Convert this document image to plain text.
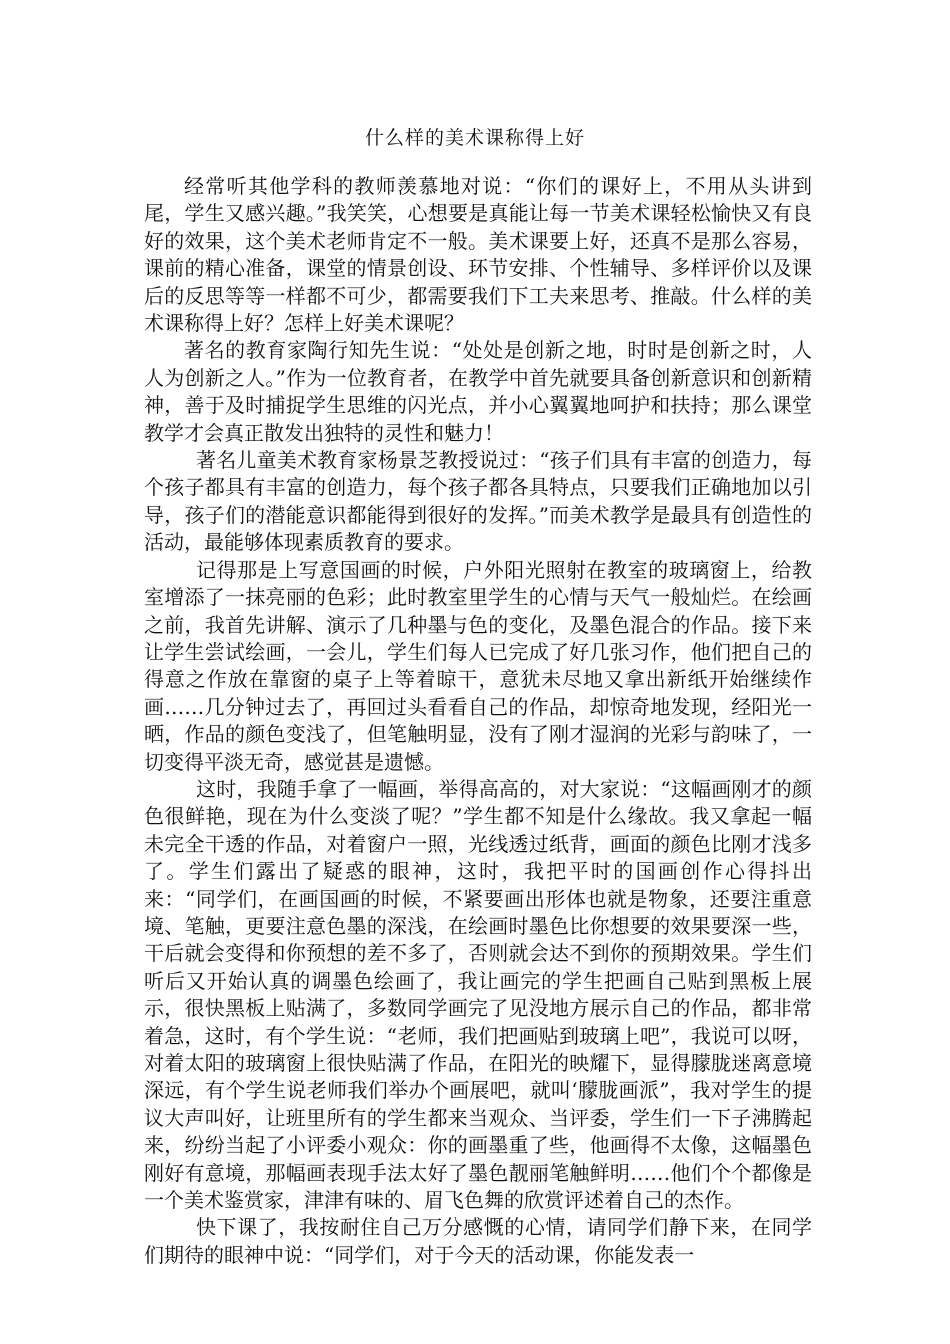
什么样的美术课称得上好

经常听其他学科的教师羡慕地对说：“你们的课好上，不用从头讲到尾，学生又感兴趣。”我笑笑，心想要是真能让每一节美术课轻松愉快又有良好的效果，这个美术老师肯定不一般。美术课要上好，还真不是那么容易，课前的精心准备，课堂的情景创设、环节安排、个性辅导、多样评价以及课后的反思等等一样都不可少，都需要我们下工夫来思考、推敲。什么样的美术课称得上好？怎样上好美术课呢？

著名的教育家陶行知先生说：“处处是创新之地，时时是创新之时，人人为创新之人。”作为一位教育者，在教学中首先就要具备创新意识和创新精神，善于及时捕捉学生思维的闪光点，并小心翼翼地呵护和扶持；那么课堂教学才会真正散发出独特的灵性和魅力！

著名儿童美术教育家杨景芝教授说过：“孩子们具有丰富的创造力，每个孩子都具有丰富的创造力，每个孩子都各具特点，只要我们正确地加以引导，孩子们的潜能意识都能得到很好的发挥。”而美术教学是最具有创造性的活动，最能够体现素质教育的要求。

记得那是上写意国画的时候，户外阳光照射在教室的玻璃窗上，给教室增添了一抹亮丽的色彩；此时教室里学生的心情与天气一般灿烂。在绘画之前，我首先讲解、演示了几种墨与色的变化，及墨色混合的作品。接下来让学生尝试绘画，一会儿，学生们每人已完成了好几张习作，他们把自己的得意之作放在靠窗的桌子上等着晾干，意犹未尽地又拿出新纸开始继续作画……几分钟过去了，再回过头看看自己的作品，却惊奇地发现，经阳光一晒，作品的颜色变浅了，但笔触明显，没有了刚才湿润的光彩与韵味了，一切变得平淡无奇，感觉甚是遗憾。

这时，我随手拿了一幅画，举得高高的，对大家说：“这幅画刚才的颜色很鲜艳，现在为什么变淡了呢？”学生都不知是什么缘故。我又拿起一幅未完全干透的作品，对着窗户一照，光线透过纸背，画面的颜色比刚才浅多了。学生们露出了疑惑的眼神，这时，我把平时的国画创作心得抖出来：“同学们，在画国画的时候，不紧要画出形体也就是物象，还要注重意境、笔触，更要注意色墨的深浅，在绘画时墨色比你想要的效果要深一些，干后就会变得和你预想的差不多了，否则就会达不到你的预期效果。学生们听后又开始认真的调墨色绘画了，我让画完的学生把画自己贴到黑板上展示，很快黑板上贴满了，多数同学画完了见没地方展示自己的作品，都非常着急，这时，有个学生说：“老师，我们把画贴到玻璃上吧”，我说可以呀，对着太阳的玻璃窗上很快贴满了作品，在阳光的映耀下，显得朦胧迷离意境深远，有个学生说老师我们举办个画展吧，就叫‘朦胧画派”，我对学生的提议大声叫好，让班里所有的学生都来当观众、当评委，学生们一下子沸腾起来，纷纷当起了小评委小观众：你的画墨重了些，他画得不太像，这幅墨色刚好有意境，那幅画表现手法太好了墨色靓丽笔触鲜明……他们个个都像是一个美术鉴赏家，津津有味的、眉飞色舞的欣赏评述着自己的杰作。

快下课了，我按耐住自己万分感慨的心情，请同学们静下来，在同学们期待的眼神中说：“同学们，对于今天的活动课，你能发表一
